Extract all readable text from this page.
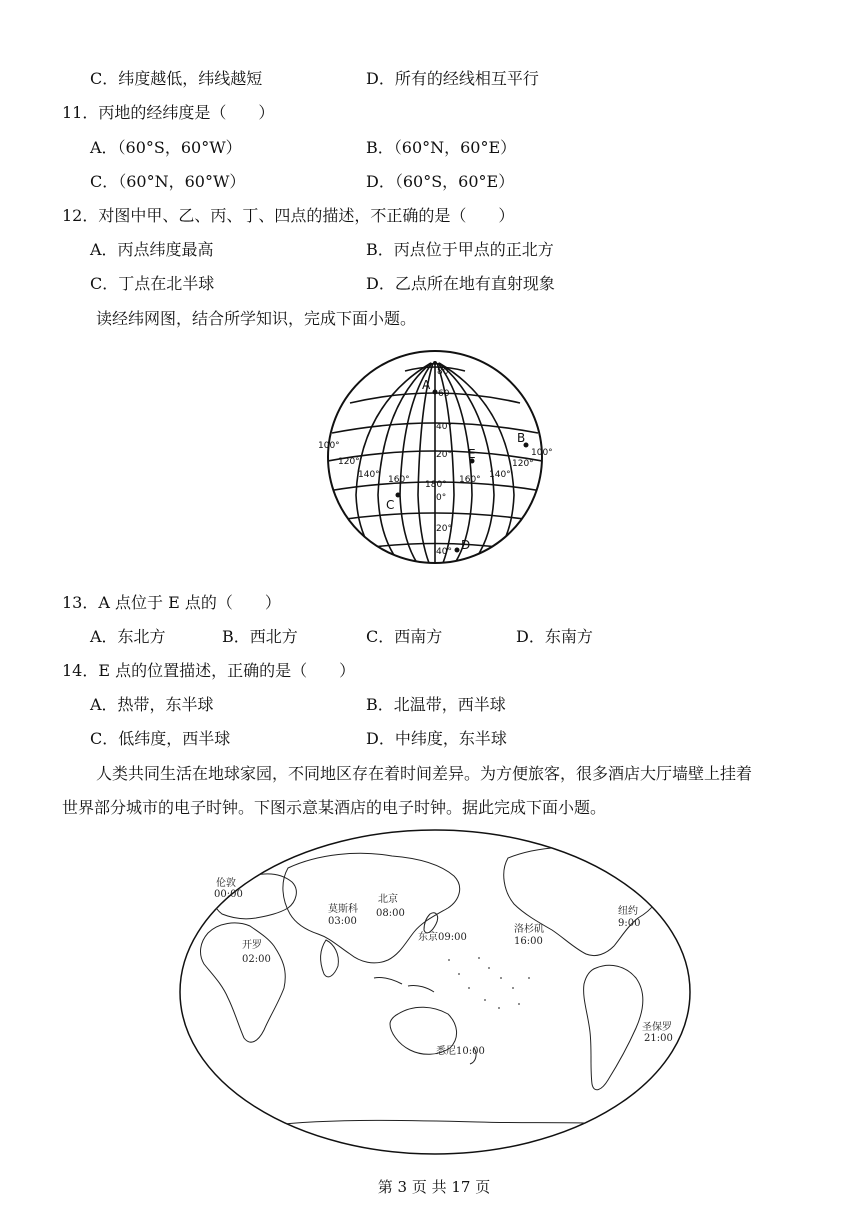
C．纬度越低，纬线越短	D．所有的经线相互平行
11．丙地的经纬度是（　　）
A．（60°S，60°W）	B．（60°N，60°E）
C．（60°N，60°W）	D．（60°S，60°E）
12．对图中甲、乙、丙、丁、四点的描述，不正确的是（　　）
A．丙点纬度最高	B．丙点位于甲点的正北方
C．丁点在北半球	D．乙点所在地有直射现象
读经纬网图，结合所学知识，完成下面小题。
A
B
C
D
E
80
60
40°
20°
0°
20°
40°
100°
120°
140° 160° 180° 160° 140°
120°
100°
13．A 点位于 E 点的（　　）
A．东北方	B．西北方	C．西南方	D．东南方
14．E 点的位置描述，正确的是（　　）
A．热带，东半球	B．北温带，西半球
C．低纬度，西半球	D．中纬度，东半球
人类共同生活在地球家园，不同地区存在着时间差异。为方便旅客，很多酒店大厅墙壁上挂着
世界部分城市的电子时钟。下图示意某酒店的电子时钟。据此完成下面小题。
伦敦
00:00
莫斯科
03:00
北京
08:00
东京09:00
洛杉矶
16:00
纽约
9:00
开罗
02:00
悉尼10:00
圣保罗
21:00
第 3 页 共 17 页
